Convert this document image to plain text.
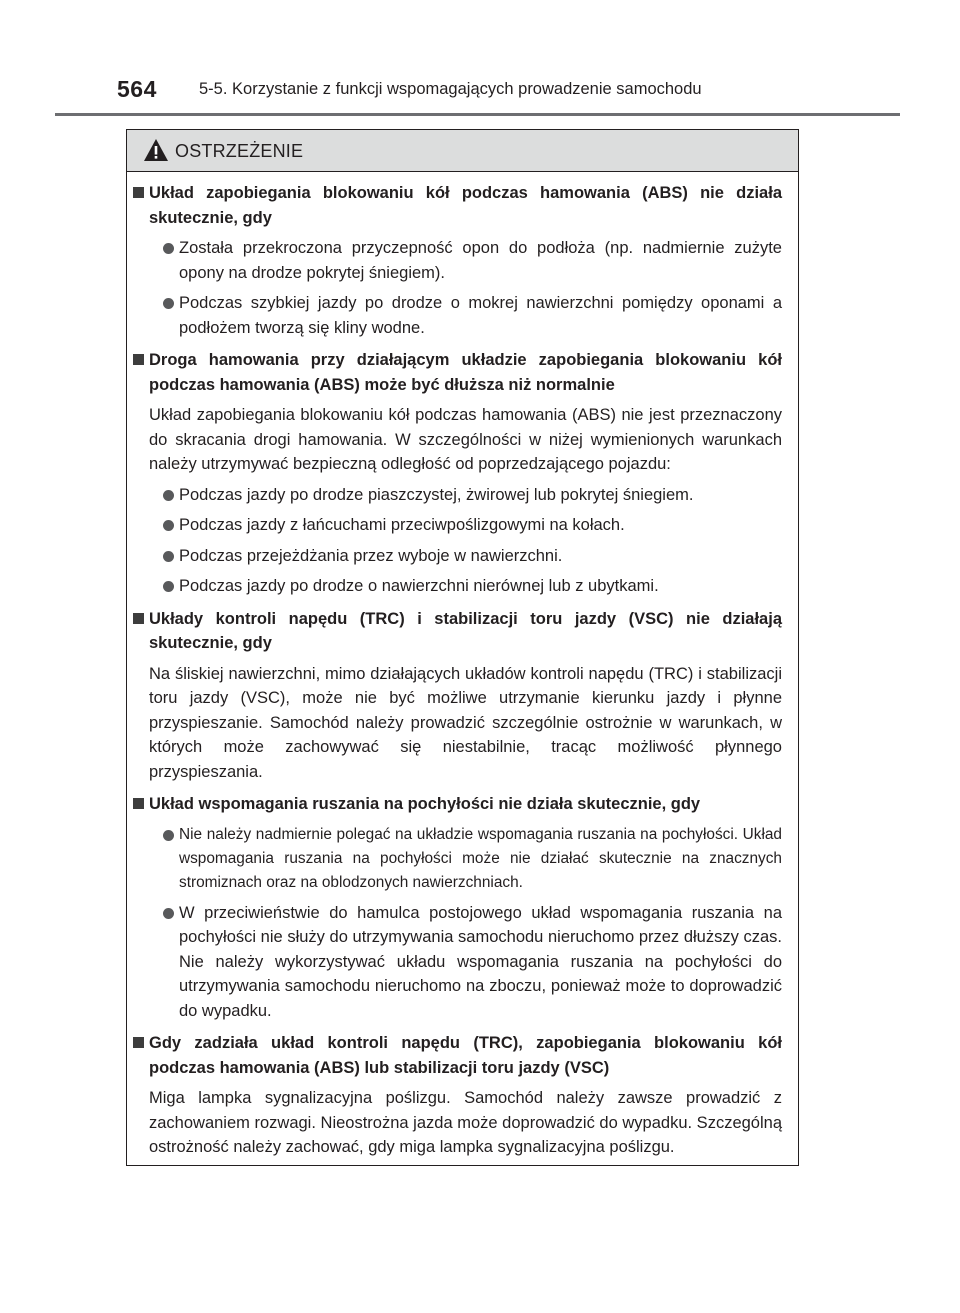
564	5-5. Korzystanie z funkcji wspomagających prowadzenie samochodu
OSTRZEŻENIE
Układ zapobiegania blokowaniu kół podczas hamowania (ABS) nie działa skutecznie, gdy
Została przekroczona przyczepność opon do podłoża (np. nadmiernie zużyte opony na drodze pokrytej śniegiem).
Podczas szybkiej jazdy po drodze o mokrej nawierzchni pomiędzy oponami a podłożem tworzą się kliny wodne.
Droga hamowania przy działającym układzie zapobiegania blokowaniu kół podczas hamowania (ABS) może być dłuższa niż normalnie
Układ zapobiegania blokowaniu kół podczas hamowania (ABS) nie jest przeznaczony do skracania drogi hamowania. W szczególności w niżej wymienionych warunkach należy utrzymywać bezpieczną odległość od poprzedzającego pojazdu:
Podczas jazdy po drodze piaszczystej, żwirowej lub pokrytej śniegiem.
Podczas jazdy z łańcuchami przeciwpoślizgowymi na kołach.
Podczas przejeżdżania przez wyboje w nawierzchni.
Podczas jazdy po drodze o nawierzchni nierównej lub z ubytkami.
Układy kontroli napędu (TRC) i stabilizacji toru jazdy (VSC) nie działają skutecznie, gdy
Na śliskiej nawierzchni, mimo działających układów kontroli napędu (TRC) i stabilizacji toru jazdy (VSC), może nie być możliwe utrzymanie kierunku jazdy i płynne przyspieszanie. Samochód należy prowadzić szczególnie ostrożnie w warunkach, w których może zachowywać się niestabilnie, tracąc możliwość płynnego przyspieszania.
Układ wspomagania ruszania na pochyłości nie działa skutecznie, gdy
Nie należy nadmiernie polegać na układzie wspomagania ruszania na pochyłości. Układ wspomagania ruszania na pochyłości może nie działać skutecznie na znacznych stromiznach oraz na oblodzonych nawierzchniach.
W przeciwieństwie do hamulca postojowego układ wspomagania ruszania na pochyłości nie służy do utrzymywania samochodu nieruchomo przez dłuższy czas. Nie należy wykorzystywać układu wspomagania ruszania na pochyłości do utrzymywania samochodu nieruchomo na zboczu, ponieważ może to doprowadzić do wypadku.
Gdy zadziała układ kontroli napędu (TRC), zapobiegania blokowaniu kół podczas hamowania (ABS) lub stabilizacji toru jazdy (VSC)
Miga lampka sygnalizacyjna poślizgu. Samochód należy zawsze prowadzić z zachowaniem rozwagi. Nieostrożna jazda może doprowadzić do wypadku. Szczególną ostrożność należy zachować, gdy miga lampka sygnalizacyjna poślizgu.
